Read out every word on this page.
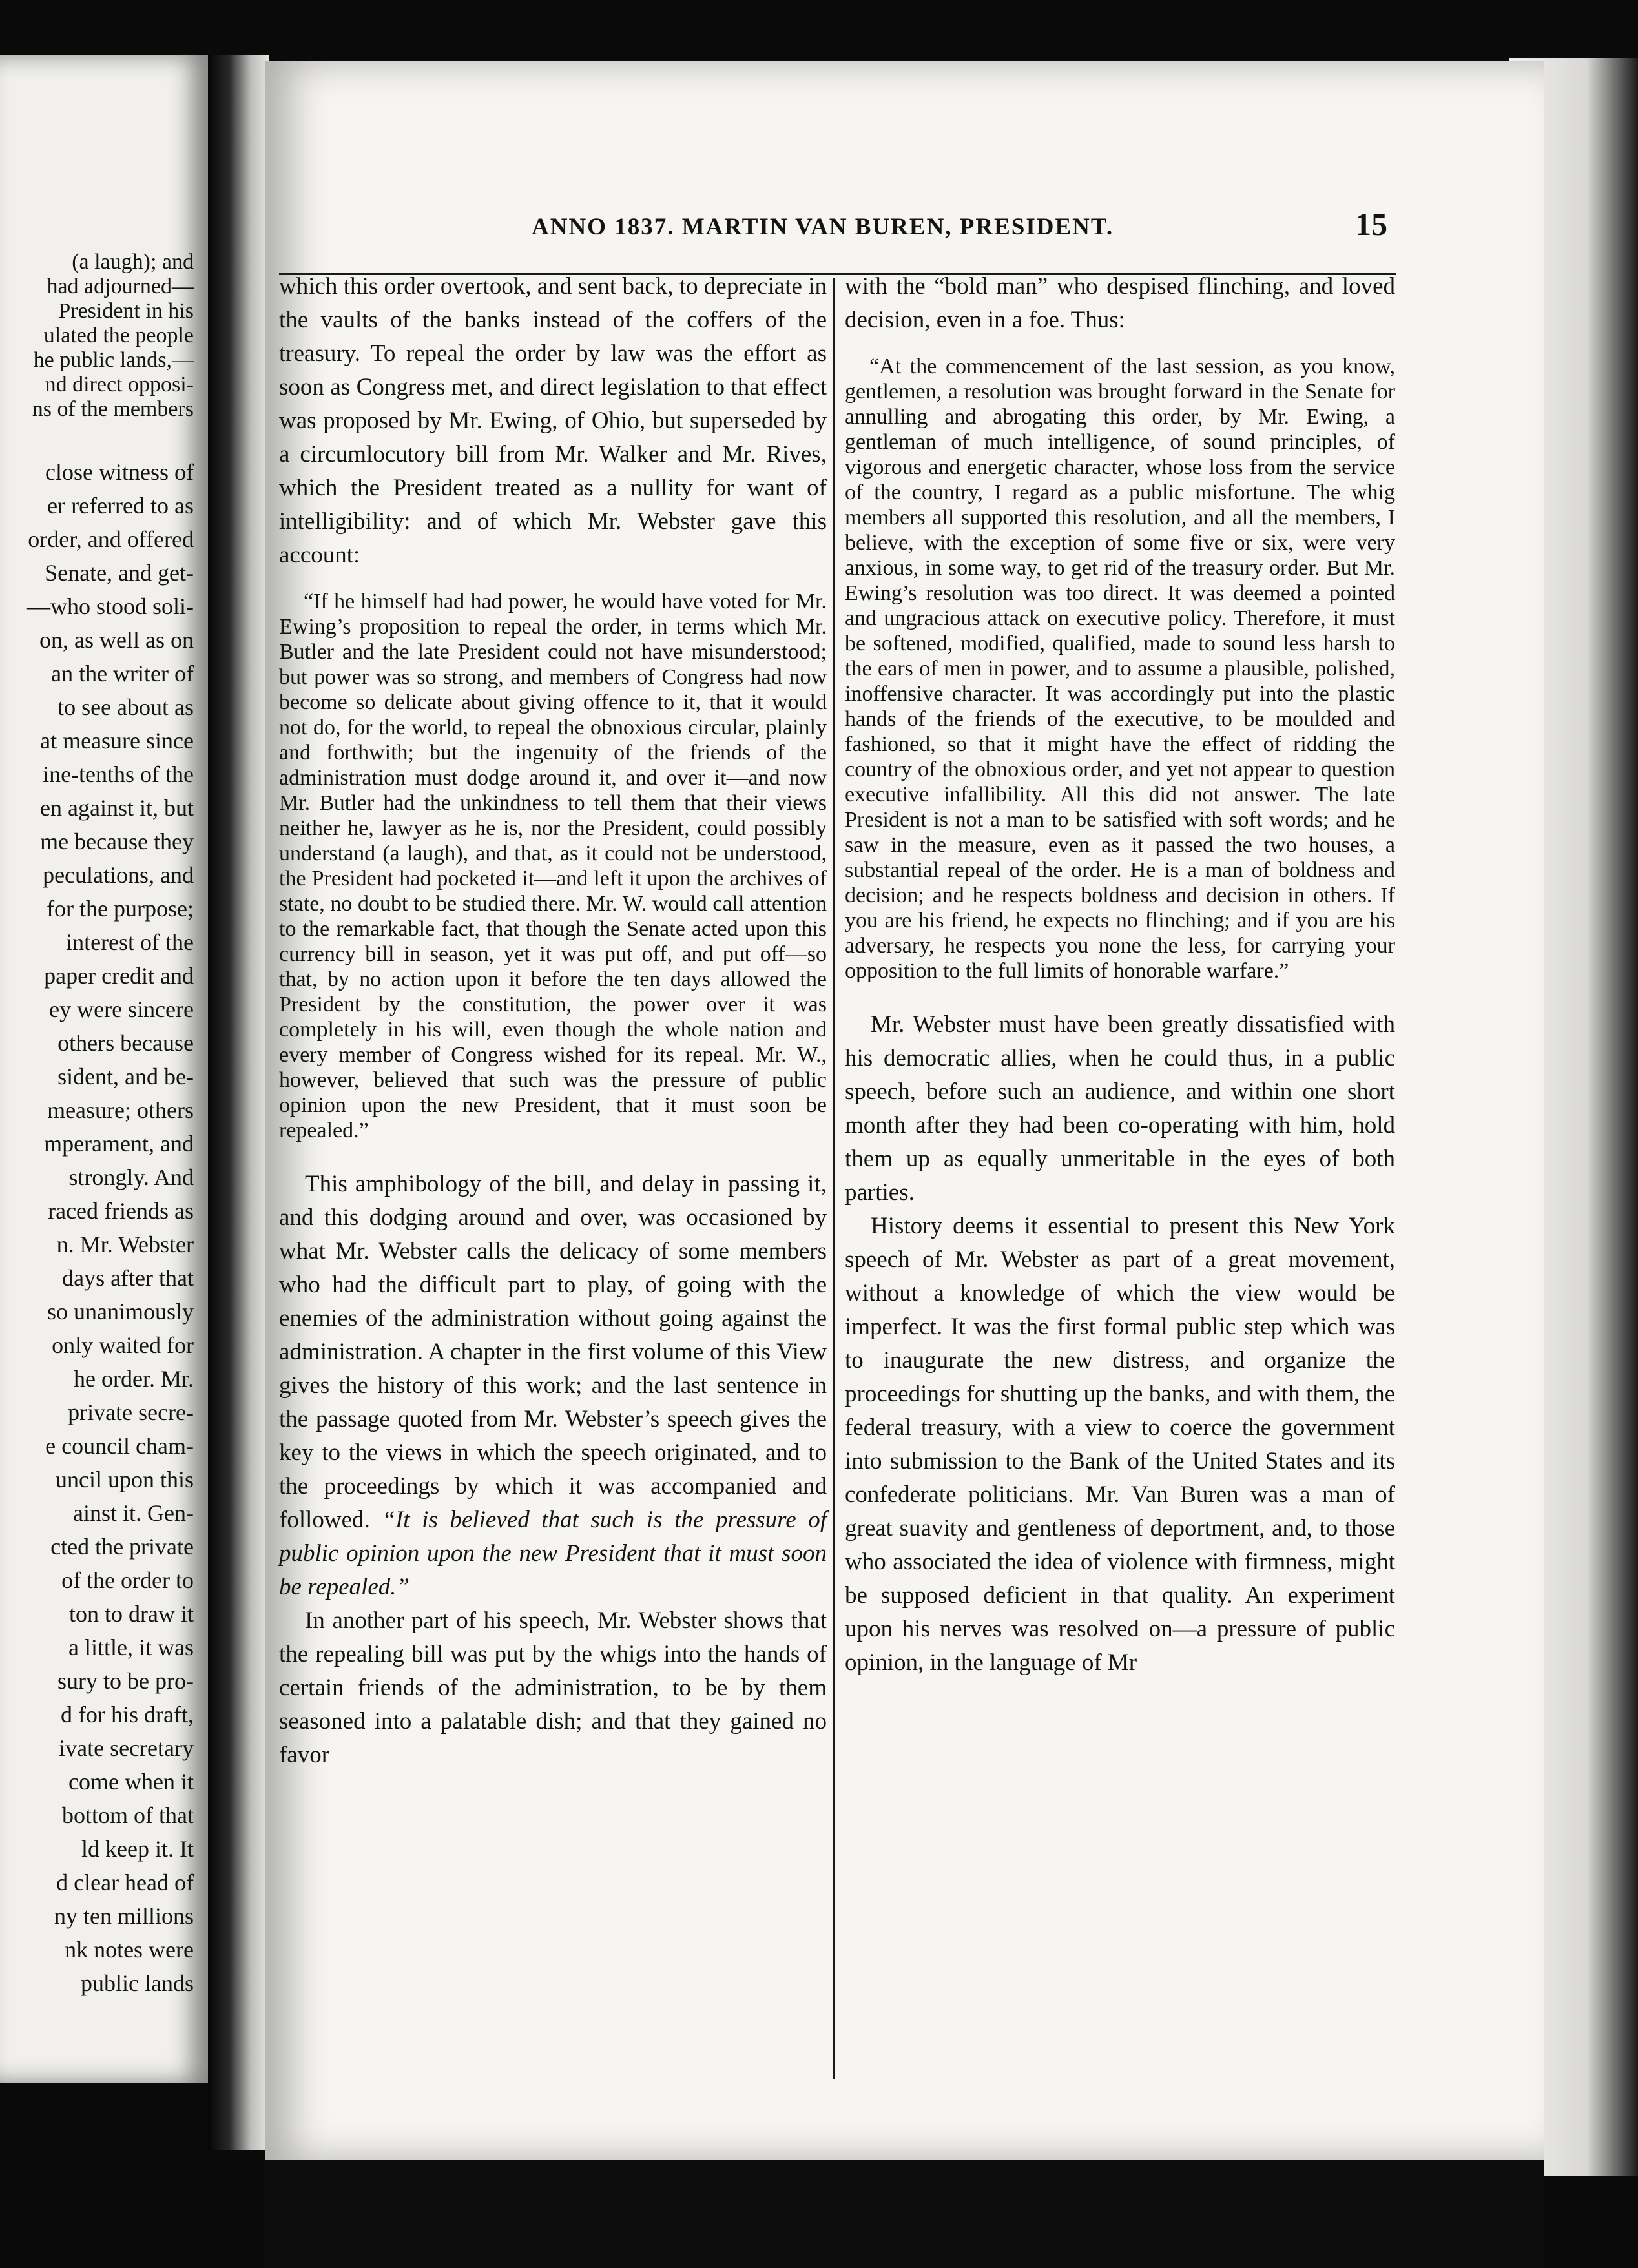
(a laugh); and
had adjourned—
President in his
ulated the people
he public lands,—
nd direct opposi-
ns of the members

close witness of
er referred to as
order, and offered
Senate, and get-
—who stood soli-
on, as well as on
an the writer of
to see about as
at measure since
ine-tenths of the
en against it, but
me because they
peculations, and
for the purpose;
interest of the
paper credit and
ey were sincere
others because
sident, and be-
measure; others
mperament, and
strongly. And
raced friends as
n. Mr. Webster
days after that
so unanimously
only waited for
he order. Mr.
private secre-
e council cham-
uncil upon this
ainst it. Gen-
cted the private
of the order to
ton to draw it
a little, it was
sury to be pro-
d for his draft,
ivate secretary
come when it
bottom of that
ld keep it. It
d clear head of
ny ten millions
nk notes were
public lands
ANNO 1837. MARTIN VAN BUREN, PRESIDENT.	15

which this order overtook, and sent back, to depreciate in the vaults of the banks instead of the coffers of the treasury. To repeal the order by law was the effort as soon as Congress met, and direct legislation to that effect was proposed by Mr. Ewing, of Ohio, but superseded by a circumlocutory bill from Mr. Walker and Mr. Rives, which the President treated as a nullity for want of intelligibility: and of which Mr. Webster gave this account:

“If he himself had had power, he would have voted for Mr. Ewing’s proposition to repeal the order, in terms which Mr. Butler and the late President could not have misunderstood; but power was so strong, and members of Congress had now become so delicate about giving offence to it, that it would not do, for the world, to repeal the obnoxious circular, plainly and forthwith; but the ingenuity of the friends of the administration must dodge around it, and over it—and now Mr. Butler had the unkindness to tell them that their views neither he, lawyer as he is, nor the President, could possibly understand (a laugh), and that, as it could not be understood, the President had pocketed it—and left it upon the archives of state, no doubt to be studied there. Mr. W. would call attention to the remarkable fact, that though the Senate acted upon this currency bill in season, yet it was put off, and put off—so that, by no action upon it before the ten days allowed the President by the constitution, the power over it was completely in his will, even though the whole nation and every member of Congress wished for its repeal. Mr. W., however, believed that such was the pressure of public opinion upon the new President, that it must soon be repealed.”

This amphibology of the bill, and delay in passing it, and this dodging around and over, was occasioned by what Mr. Webster calls the delicacy of some members who had the difficult part to play, of going with the enemies of the administration without going against the administration. A chapter in the first volume of this View gives the history of this work; and the last sentence in the passage quoted from Mr. Webster’s speech gives the key to the views in which the speech originated, and to the proceedings by which it was accompanied and followed. “It is believed that such is the pressure of public opinion upon the new President that it must soon be repealed.”

In another part of his speech, Mr. Webster shows that the repealing bill was put by the whigs into the hands of certain friends of the administration, to be by them seasoned into a palatable dish; and that they gained no favor

with the “bold man” who despised flinching, and loved decision, even in a foe. Thus:

“At the commencement of the last session, as you know, gentlemen, a resolution was brought forward in the Senate for annulling and abrogating this order, by Mr. Ewing, a gentleman of much intelligence, of sound principles, of vigorous and energetic character, whose loss from the service of the country, I regard as a public misfortune. The whig members all supported this resolution, and all the members, I believe, with the exception of some five or six, were very anxious, in some way, to get rid of the treasury order. But Mr. Ewing’s resolution was too direct. It was deemed a pointed and ungracious attack on executive policy. Therefore, it must be softened, modified, qualified, made to sound less harsh to the ears of men in power, and to assume a plausible, polished, inoffensive character. It was accordingly put into the plastic hands of the friends of the executive, to be moulded and fashioned, so that it might have the effect of ridding the country of the obnoxious order, and yet not appear to question executive infallibility. All this did not answer. The late President is not a man to be satisfied with soft words; and he saw in the measure, even as it passed the two houses, a substantial repeal of the order. He is a man of boldness and decision; and he respects boldness and decision in others. If you are his friend, he expects no flinching; and if you are his adversary, he respects you none the less, for carrying your opposition to the full limits of honorable warfare.”

Mr. Webster must have been greatly dissatisfied with his democratic allies, when he could thus, in a public speech, before such an audience, and within one short month after they had been co-operating with him, hold them up as equally unmeritable in the eyes of both parties.

History deems it essential to present this New York speech of Mr. Webster as part of a great movement, without a knowledge of which the view would be imperfect. It was the first formal public step which was to inaugurate the new distress, and organize the proceedings for shutting up the banks, and with them, the federal treasury, with a view to coerce the government into submission to the Bank of the United States and its confederate politicians. Mr. Van Buren was a man of great suavity and gentleness of deportment, and, to those who associated the idea of violence with firmness, might be supposed deficient in that quality. An experiment upon his nerves was resolved on—a pressure of public opinion, in the language of Mr
